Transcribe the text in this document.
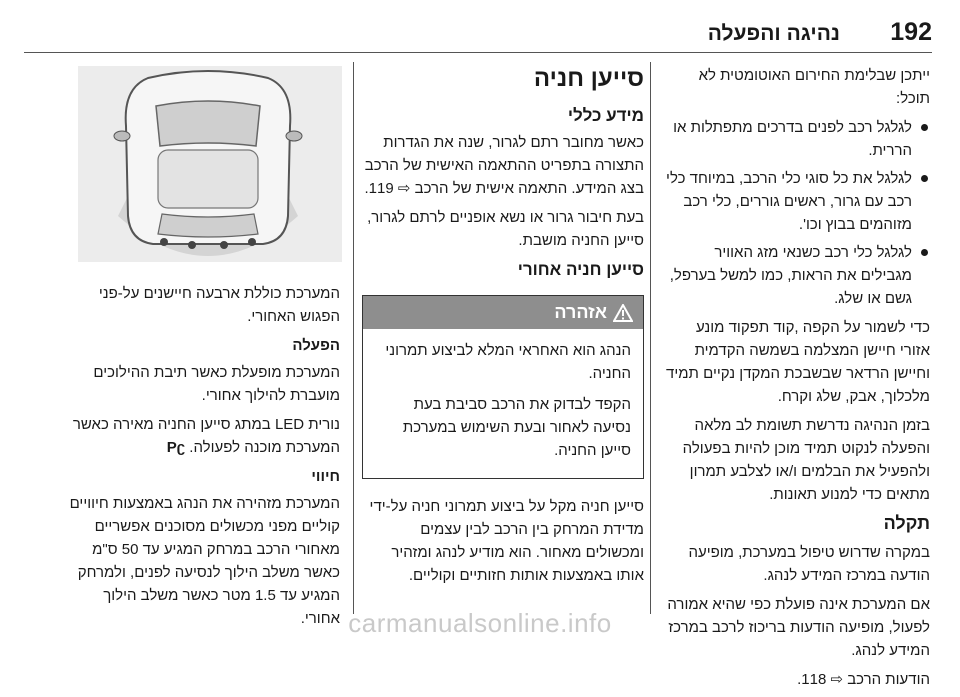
נהיגה והפעלה 192

ייתכן שבלימת החירום האוטומטית לא תוכל:

לגלגל רכב לפנים בדרכים מתפתלות או הררית.
לגלגל את כל סוגי כלי הרכב, במיוחד כלי רכב עם גרור, ראשים גוררים, כלי רכב מזוהמים בבוץ וכו'.
לגלגל כלי רכב כשנאי מזג האוויר מגבילים את הראות, כמו למשל בערפל, גשם או שלג.

כדי לשמור על הקפה ,קוד תפקוד מונע אזורי חיישן המצלמה בשמשה הקדמית וחיישן הרדאר שבשבכת המקדן נקיים תמיד מלכלוך, אבק, שלג וקרח.

בזמן הנהיגה נדרשת תשומת לב מלאה והפעלה לנקוט תמיד מוכן להיות בפעולה ולהפעיל את הבלמים ו/או לצלבע תמרון מתאים כדי למנוע תאונות.

תקלה

במקרה שדרוש טיפול במערכת, מופיעה הודעה במרכז המידע לנהג.

אם המערכת אינה פועלת כפי שהיא אמורה לפעול, מופיעה הודעות בריכוז לרכב במרכז המידע לנהג.

הודעות הרכב ⇨ 118.

סייען חניה
מידע כללי

כאשר מחובר רתם לגרור, שנה את הגדרות התצורה בתפריט ההתאמה האישית של הרכב בצג המידע. התאמה אישית של הרכב ⇨ 119.

בעת חיבור גרור או נשא אופניים לרתם לגרור, סייען החניה מושבת.

סייען חניה אחורי
אזהרה

הנהג הוא האחראי המלא לביצוע תמרוני החניה.

הקפד לבדוק את הרכב סביבת בעת נסיעה לאחור ובעת השימוש במערכת סייען החניה.

סייען חניה מקל על ביצוע תמרוני חניה על-ידי מדידת המרחק בין הרכב לבין עצמים ומכשולים מאחור. הוא מודיע לנהג ומזהיר אותו באמצעות אותות חזותיים וקוליים.

המערכת כוללת ארבעה חיישנים על-פני הפגוש האחורי.

הפעלה

המערכת מופעלת כאשר תיבת ההילוכים מועברת להילוך אחורי.

נורית LED במתג סייען החניה מאירה כאשר המערכת מוכנה לפעולה. Pʗ

חיווי

המערכת מזהירה את הנהג באמצעות חיוויים קוליים מפני מכשולים מסוכנים אפשריים מאחורי הרכב במרחק המגיע עד 50 ס"מ כאשר משלב הילוך לנסיעה לפנים, ולמרחק המגיע עד 1.5 מטר כאשר משלב הילוך אחורי. carmanualsonline.info
